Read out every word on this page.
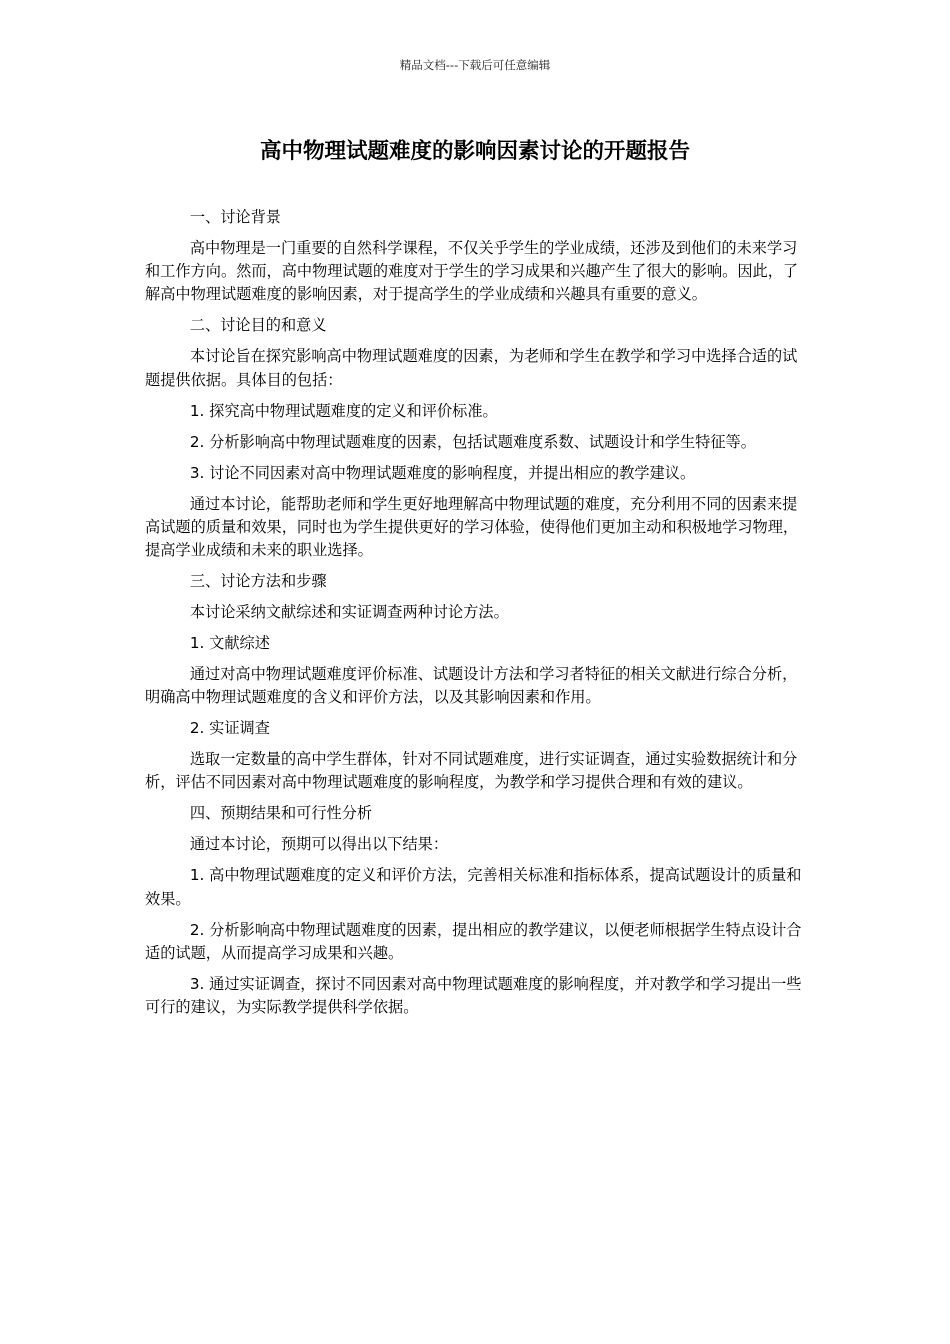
精品文档---下载后可任意编辑
高中物理试题难度的影响因素讨论的开题报告

一、讨论背景

高中物理是一门重要的自然科学课程，不仅关乎学生的学业成绩，还涉及到他们的未来学习和工作方向。然而，高中物理试题的难度对于学生的学习成果和兴趣产生了很大的影响。因此，了解高中物理试题难度的影响因素，对于提高学生的学业成绩和兴趣具有重要的意义。

二、讨论目的和意义

本讨论旨在探究影响高中物理试题难度的因素，为老师和学生在教学和学习中选择合适的试题提供依据。具体目的包括：

1. 探究高中物理试题难度的定义和评价标准。

2. 分析影响高中物理试题难度的因素，包括试题难度系数、试题设计和学生特征等。

3. 讨论不同因素对高中物理试题难度的影响程度，并提出相应的教学建议。

通过本讨论，能帮助老师和学生更好地理解高中物理试题的难度，充分利用不同的因素来提高试题的质量和效果，同时也为学生提供更好的学习体验，使得他们更加主动和积极地学习物理，提高学业成绩和未来的职业选择。

三、讨论方法和步骤

本讨论采纳文献综述和实证调查两种讨论方法。

1. 文献综述

通过对高中物理试题难度评价标准、试题设计方法和学习者特征的相关文献进行综合分析，明确高中物理试题难度的含义和评价方法，以及其影响因素和作用。

2. 实证调查

选取一定数量的高中学生群体，针对不同试题难度，进行实证调查，通过实验数据统计和分析，评估不同因素对高中物理试题难度的影响程度，为教学和学习提供合理和有效的建议。

四、预期结果和可行性分析

通过本讨论，预期可以得出以下结果：

1. 高中物理试题难度的定义和评价方法，完善相关标准和指标体系，提高试题设计的质量和效果。

2. 分析影响高中物理试题难度的因素，提出相应的教学建议，以便老师根据学生特点设计合适的试题，从而提高学习成果和兴趣。

3. 通过实证调查，探讨不同因素对高中物理试题难度的影响程度，并对教学和学习提出一些可行的建议，为实际教学提供科学依据。
